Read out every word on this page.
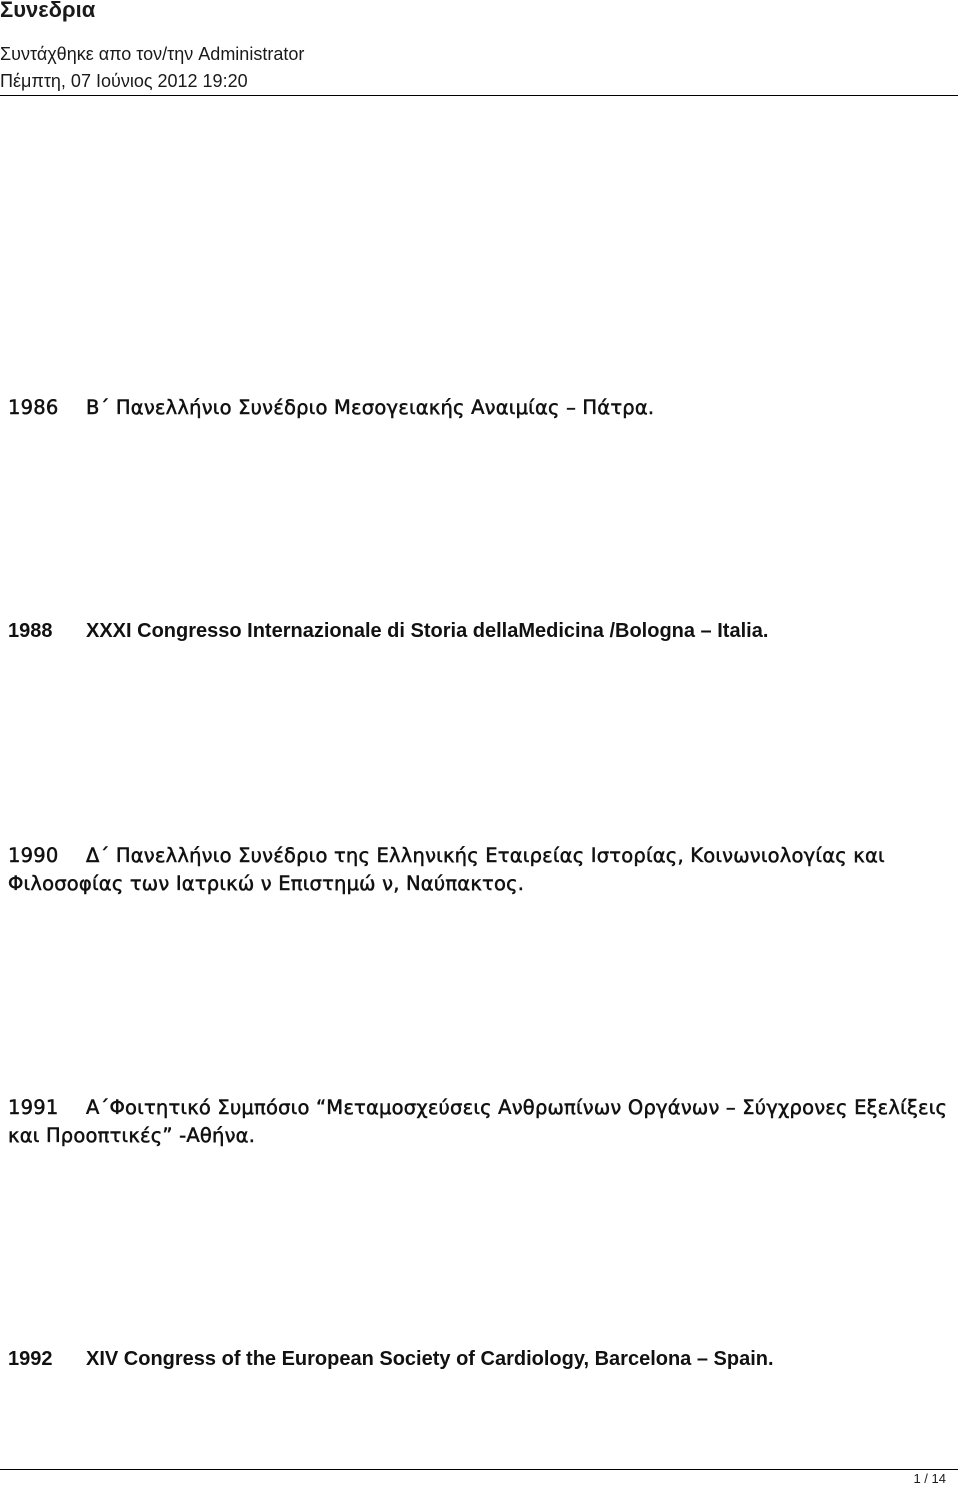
Συνεδρια
Συντάχθηκε απο τον/την Administrator
Πέμπτη, 07 Ιούνιος 2012 19:20
1986 Β΄ Πανελλήνιο Συνέδριο Μεσογειακής Αναιμίας – Πάτρα.
1988 XXXI Congresso Internazionale di Storia dellaMedicina /Bologna – Italia.
1990 Δ΄ Πανελλήνιο Συνέδριο της Ελληνικής Εταιρείας Ιστορίας, Κοινωνιολογίας και Φιλοσοφίας των Ιατρικώ ν Επιστημώ ν, Ναύπακτος.
1991 Α΄Φοιτητικό Συμπόσιο “Μεταμοσχεύσεις Ανθρωπίνων Οργάνων – Σύγχρονες Εξελίξεις και Προοπτικές” -Αθήνα.
1992 XIV Congress of the European Society of Cardiology, Barcelona – Spain.
1 / 14
